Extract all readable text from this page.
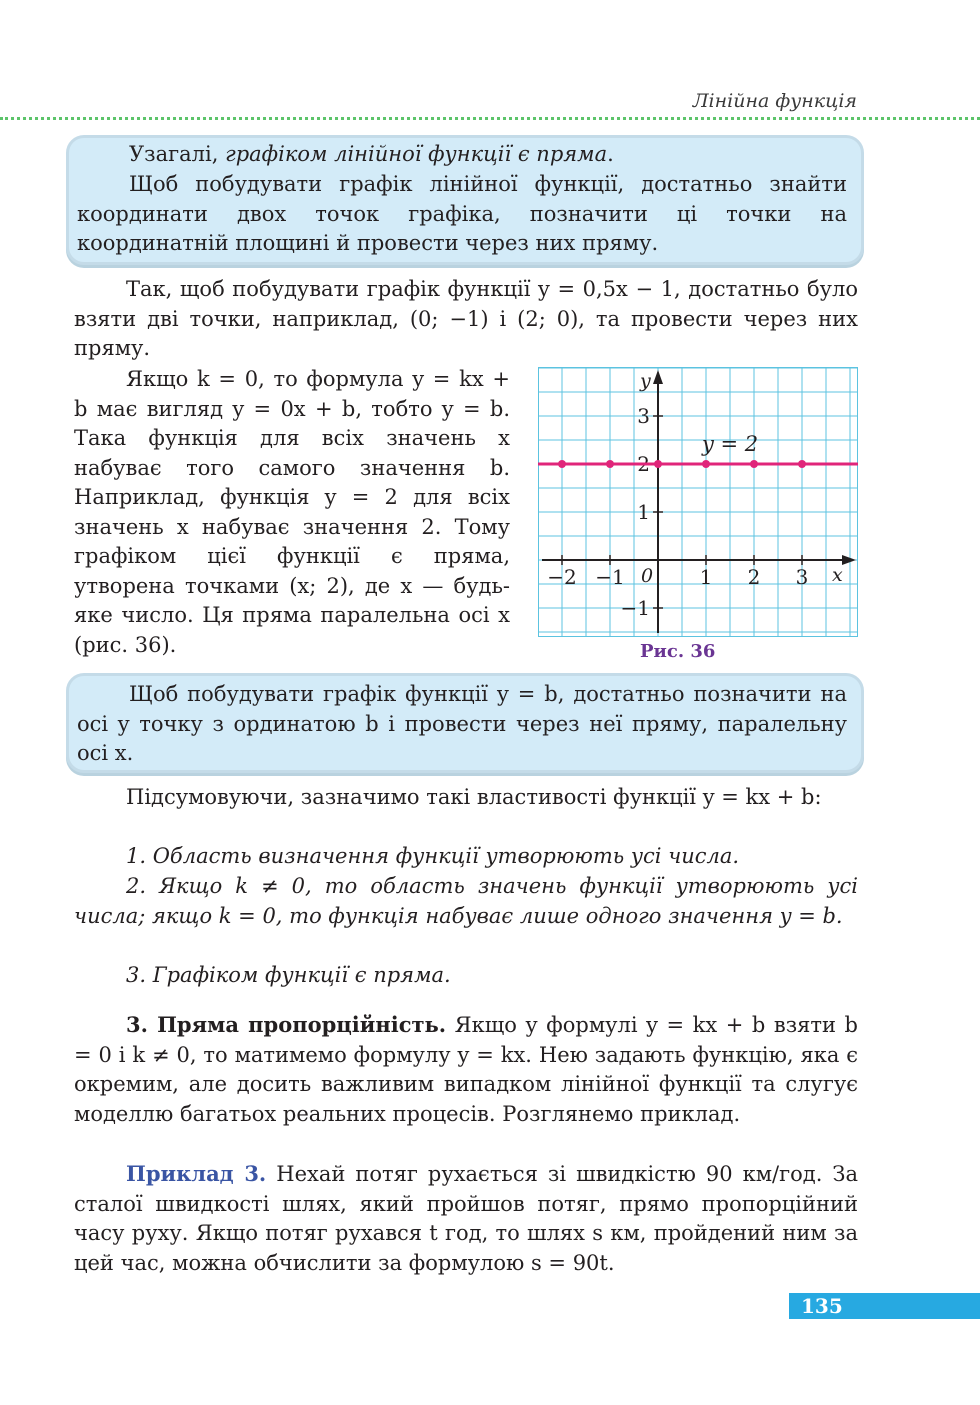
Лінійна функція

Узагалі, графіком лінійної функції є пряма.

Щоб побудувати графік лінійної функції, достатньо знайти координати двох точок графіка, позначити ці точки на координатній площині й провести через них пряму.

Так, щоб побудувати графік функції y = 0,5x − 1, достатньо було взяти дві точки, наприклад, (0; −1) і (2; 0), та провести через них пряму.

Якщо k = 0, то формула y = kx + b має вигляд y = 0x + b, тобто y = b. Така функція для всіх значень x набуває того самого значення b. Наприклад, функція y = 2 для всіх значень x набуває значення 2. Тому графіком цієї функції є пряма, утворена точками (x; 2), де x — будь-яке число. Ця пряма паралельна осі x (рис. 36).

−2 −1	1 2 3
3
2
1
−1
y = 2
x
y
0
Рис. 36

Щоб побудувати графік функції y = b, достатньо позначити на осі y точку з ординатою b і провести через неї пряму, паралельну осі x.

Підсумовуючи, зазначимо такі властивості функції y = kx + b:

1. Область визначення функції утворюють усі числа.

2. Якщо k ≠ 0, то область значень функції утворюють усі числа; якщо k = 0, то функція набуває лише одного значення y = b.

3. Графіком функції є пряма.

3. Пряма пропорційність. Якщо у формулі y = kx + b взяти b = 0 і k ≠ 0, то матимемо формулу y = kx. Нею задають функцію, яка є окремим, але досить важливим випадком лінійної функції та слугує моделлю багатьох реальних процесів. Розглянемо приклад.

Приклад 3. Нехай потяг рухається зі швидкістю 90 км/год. За сталої швидкості шлях, який пройшов потяг, прямо пропорційний часу руху. Якщо потяг рухався t год, то шлях s км, пройдений ним за цей час, можна обчислити за формулою s = 90t.

135
